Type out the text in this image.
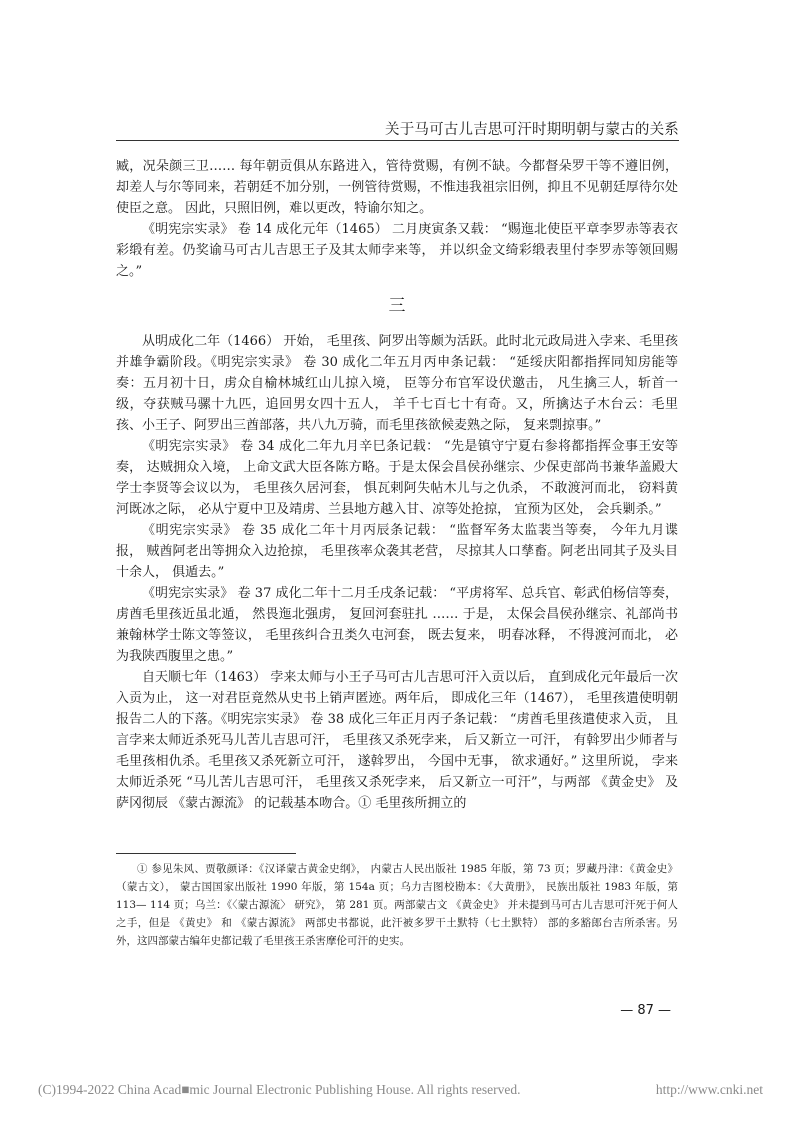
关于马可古儿吉思可汗时期明朝与蒙古的关系

臧，况朵颜三卫…… 每年朝贡俱从东路进入，管待赏赐，有例不缺。今都督朵罗干等不遵旧例，却差人与尔等同来，若朝廷不加分别，一例管待赏赐，不惟违我祖宗旧例，抑且不见朝廷厚待尔处使臣之意。 因此，只照旧例，难以更改，特谕尔知之。

《明宪宗实录》 卷 14 成化元年（1465） 二月庚寅条又载： “赐迤北使臣平章李罗赤等表衣彩缎有差。仍奖谕马可古儿吉思王子及其太师孛来等， 并以织金文绮彩缎表里付李罗赤等领回赐之。”

三

从明成化二年（1466） 开始， 毛里孩、阿罗出等颇为活跃。此时北元政局进入孛来、毛里孩并雄争霸阶段。《明宪宗实录》 卷 30 成化二年五月丙申条记载： “延绥庆阳都指挥同知房能等奏：五月初十日，虏众自榆林城红山儿掠入境， 臣等分布官军设伏邀击， 凡生擒三人，斩首一级，夺获贼马骡十九匹，追回男女四十五人， 羊千七百七十有奇。又，所擒达子木台云：毛里孩、小王子、阿罗出三酋部落，共八九万骑，而毛里孩欲候麦熟之际， 复来剽掠事。”

《明宪宗实录》 卷 34 成化二年九月辛巳条记载： “先是镇守宁夏右参将都指挥佥事王安等奏， 达贼拥众入境， 上命文武大臣各陈方略。于是太保会昌侯孙继宗、少保吏部尚书兼华盖殿大学士李贤等会议以为， 毛里孩久居河套， 惧瓦剌阿失帖木儿与之仇杀， 不敢渡河而北， 窃料黄河既冰之际， 必从宁夏中卫及靖虏、兰县地方越入甘、凉等处抢掠， 宜预为区处， 会兵剿杀。”

《明宪宗实录》 卷 35 成化二年十月丙辰条记载： “监督军务太监裴当等奏， 今年九月谍报， 贼酋阿老出等拥众入边抢掠， 毛里孩率众袭其老营， 尽掠其人口孳畜。阿老出同其子及头目十余人， 俱遁去。”

《明宪宗实录》 卷 37 成化二年十二月壬戌条记载： “平虏将军、总兵官、彰武伯杨信等奏， 虏酋毛里孩近虽北遁， 然畏迤北强虏， 复回河套驻扎 …… 于是， 太保会昌侯孙继宗、礼部尚书兼翰林学士陈文等签议， 毛里孩纠合丑类久屯河套， 既去复来， 明春冰释， 不得渡河而北， 必为我陕西腹里之患。”

自天顺七年（1463） 孛来太师与小王子马可古儿吉思可汗入贡以后， 直到成化元年最后一次入贡为止， 这一对君臣竟然从史书上销声匿迹。两年后， 即成化三年（1467）， 毛里孩遣使明朝报告二人的下落。《明宪宗实录》 卷 38 成化三年正月丙子条记载： “虏酋毛里孩遣使求入贡， 且言孛来太师近杀死马儿苦儿吉思可汗， 毛里孩又杀死孛来， 后又新立一可汗， 有斡罗出少师者与毛里孩相仇杀。毛里孩又杀死新立可汗， 遂斡罗出， 今国中无事， 欲求通好。” 这里所说， 孛来太师近杀死 “马儿苦儿吉思可汗， 毛里孩又杀死孛来， 后又新立一可汗”，与两部 《黄金史》 及萨冈彻辰 《蒙古源流》 的记载基本吻合。① 毛里孩所拥立的

① 参见朱风、贾敬颜译：《汉译蒙古黄金史纲》， 内蒙古人民出版社 1985 年版，第 73 页；罗藏丹津：《黄金史》（蒙古文）， 蒙古国国家出版社 1990 年版，第 154a 页；乌力吉图校勘本：《大黄册》， 民族出版社 1983 年版，第 113— 114 页；乌兰：《〈蒙古源流〉 研究》， 第 281 页。两部蒙古文 《黄金史》 并未提到马可古儿吉思可汗死于何人之手，但是 《黄史》 和 《蒙古源流》 两部史书都说，此汗被多罗干土默特（七土默特） 部的多豁郎台吉所杀害。另外，这四部蒙古编年史都记载了毛里孩王杀害摩伦可汗的史实。
— 87 —
(C)1994-2022 China Acad■mic Journal Electronic Publishing House. All rights reserved.	http://www.cnki.net
